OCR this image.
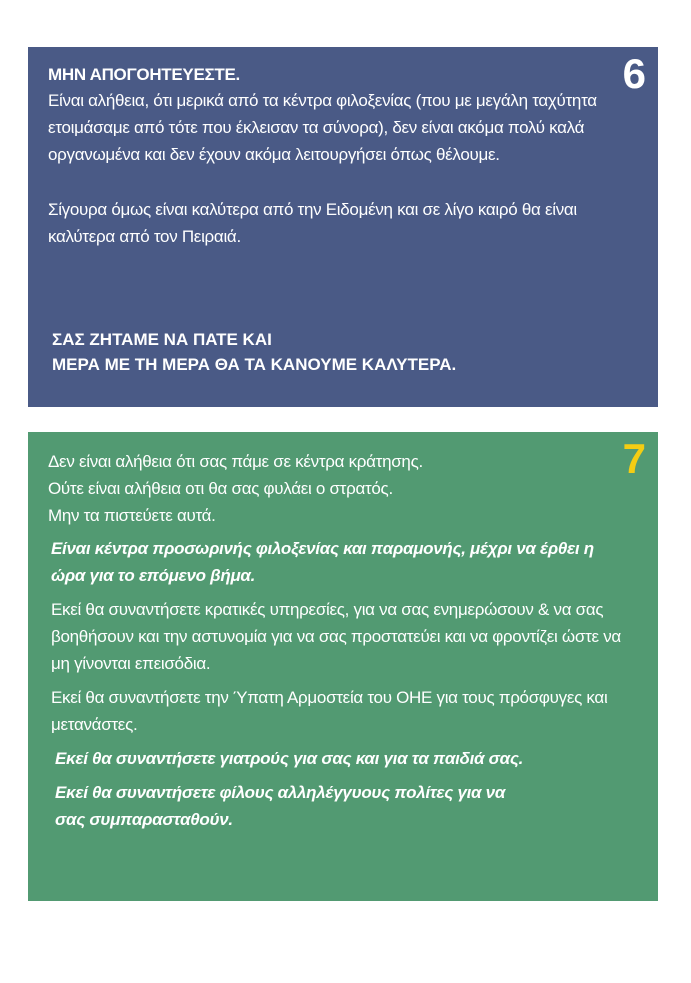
6

ΜΗΝ ΑΠΟΓΟΗΤΕΥΕΣΤΕ.

Είναι αλήθεια, ότι μερικά από τα κέντρα φιλοξενίας (που με μεγάλη ταχύτητα ετοιμάσαμε από τότε που έκλεισαν τα σύνορα), δεν είναι ακόμα πολύ καλά οργανωμένα και δεν έχουν ακόμα λειτουργήσει όπως θέλουμε.

Σίγουρα όμως είναι καλύτερα από την Ειδομένη και σε λίγο καιρό θα είναι καλύτερα από τον Πειραιά.

ΣΑΣ ΖΗΤΑΜΕ ΝΑ ΠΑΤΕ ΚΑΙ
ΜΕΡΑ ΜΕ ΤΗ ΜΕΡΑ ΘΑ ΤΑ ΚΑΝΟΥΜΕ ΚΑΛΥΤΕΡΑ.
7

Δεν είναι αλήθεια ότι σας πάμε σε κέντρα κράτησης.

Ούτε είναι αλήθεια οτι θα σας φυλάει ο στρατός.

Μην τα πιστεύετε αυτά.

Είναι κέντρα προσωρινής φιλοξενίας και παραμονής, μέχρι να έρθει η ώρα για το επόμενο βήμα.

Εκεί θα συναντήσετε κρατικές υπηρεσίες, για να σας ενημερώσουν & να σας βοηθήσουν και την αστυνομία για να σας προστατεύει και να φροντίζει ώστε να μη γίνονται επεισόδια.

Εκεί θα συναντήσετε την Ύπατη Αρμοστεία του ΟΗΕ για τους πρόσφυγες και μετανάστες.

Εκεί θα συναντήσετε γιατρούς για σας και για τα παιδιά σας.

Εκεί θα συναντήσετε φίλους αλληλέγγυους πολίτες για να

σας συμπαρασταθούν.
